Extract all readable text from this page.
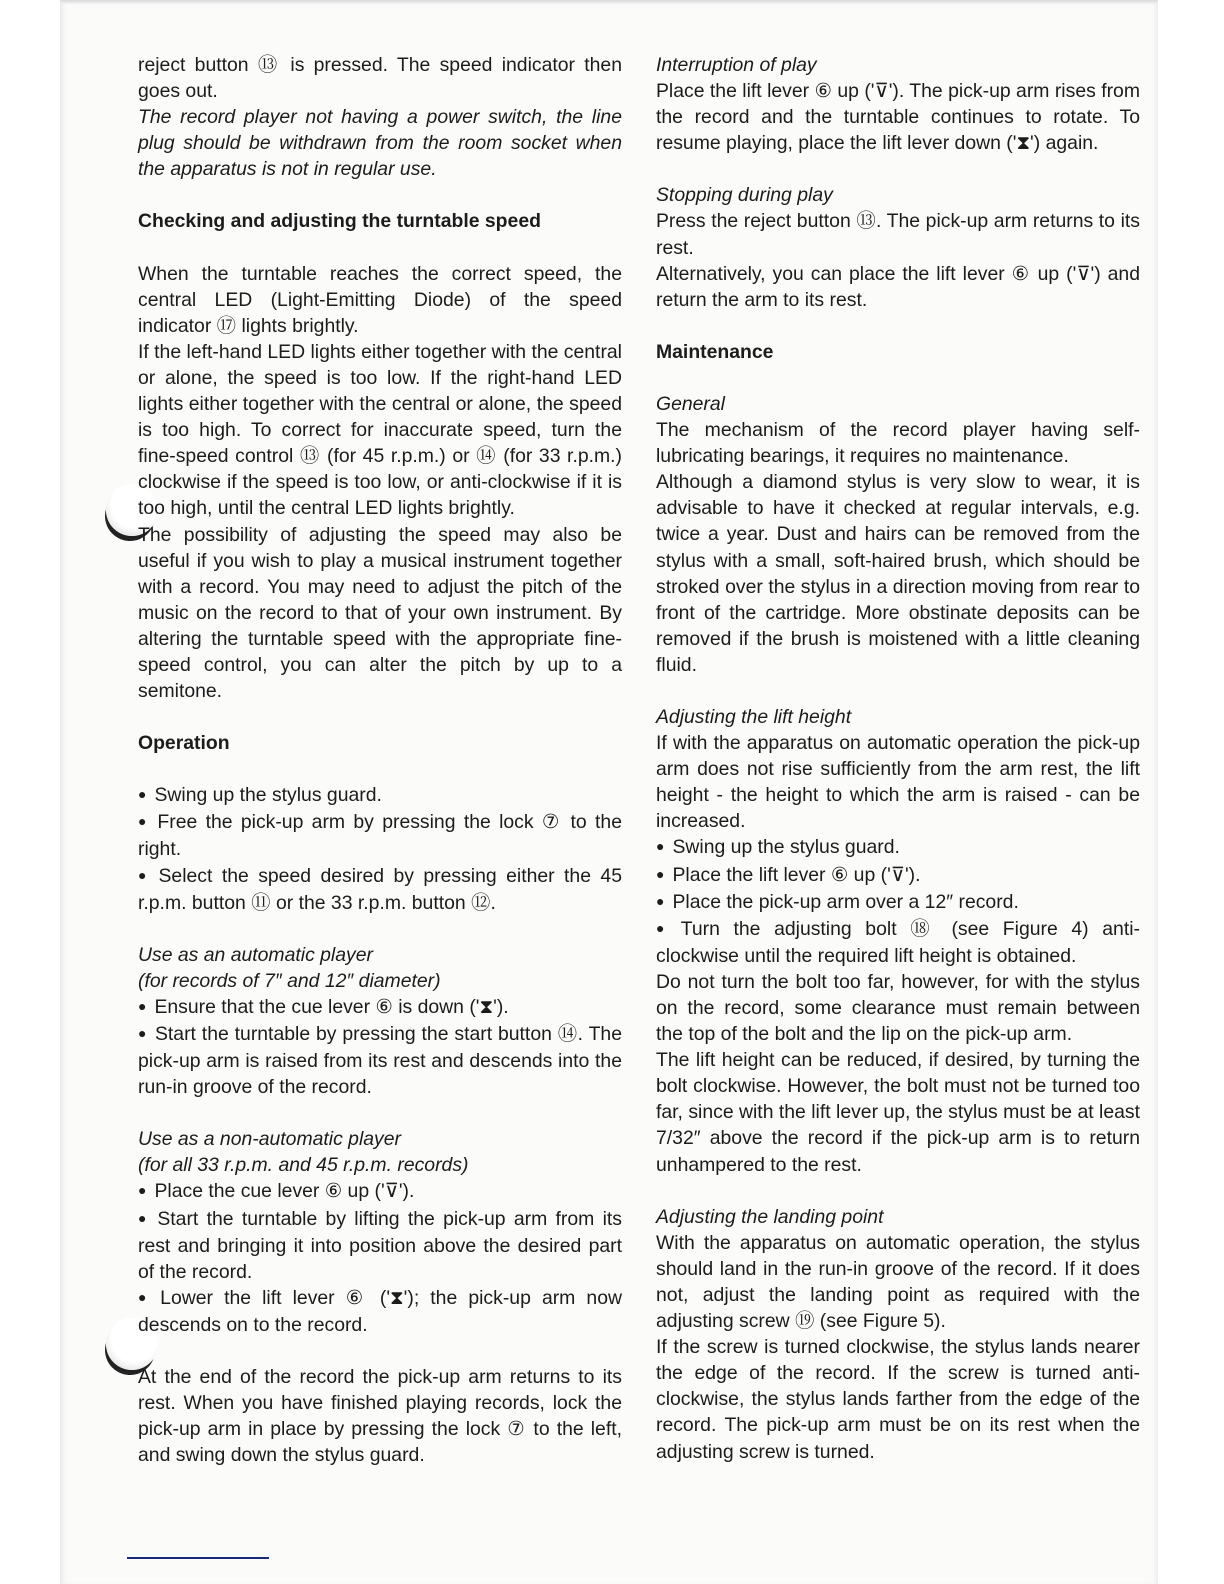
reject button ⑬ is pressed. The speed indicator then goes out.

The record player not having a power switch, the line plug should be withdrawn from the room socket when the apparatus is not in regular use.

Checking and adjusting the turntable speed

When the turntable reaches the correct speed, the central LED (Light-Emitting Diode) of the speed indicator ⑰ lights brightly.

If the left-hand LED lights either together with the central or alone, the speed is too low. If the right-hand LED lights either together with the central or alone, the speed is too high. To correct for inaccurate speed, turn the fine-speed control ⑬ (for 45 r.p.m.) or ⑭ (for 33 r.p.m.) clockwise if the speed is too low, or anti-clockwise if it is too high, until the central LED lights brightly.

The possibility of adjusting the speed may also be useful if you wish to play a musical instrument together with a record. You may need to adjust the pitch of the music on the record to that of your own instrument. By altering the turntable speed with the appropriate fine-speed control, you can alter the pitch by up to a semitone.

Operation

● Swing up the stylus guard.

● Free the pick-up arm by pressing the lock ⑦ to the right.

● Select the speed desired by pressing either the 45 r.p.m. button ⑪ or the 33 r.p.m. button ⑫.

Use as an automatic player

(for records of 7″ and 12″ diameter)

● Ensure that the cue lever ⑥ is down ('⧗').

● Start the turntable by pressing the start button ⑭. The pick-up arm is raised from its rest and descends into the run-in groove of the record.

Use as a non-automatic player

(for all 33 r.p.m. and 45 r.p.m. records)

● Place the cue lever ⑥ up ('⊽').

● Start the turntable by lifting the pick-up arm from its rest and bringing it into position above the desired part of the record.

● Lower the lift lever ⑥ ('⧗'); the pick-up arm now descends on to the record.

At the end of the record the pick-up arm returns to its rest. When you have finished playing records, lock the pick-up arm in place by pressing the lock ⑦ to the left, and swing down the stylus guard.

Interruption of play

Place the lift lever ⑥ up ('⊽'). The pick-up arm rises from the record and the turntable continues to rotate. To resume playing, place the lift lever down ('⧗') again.

Stopping during play

Press the reject button ⑬. The pick-up arm returns to its rest.

Alternatively, you can place the lift lever ⑥ up ('⊽') and return the arm to its rest.

Maintenance

General

The mechanism of the record player having self-lubricating bearings, it requires no maintenance.

Although a diamond stylus is very slow to wear, it is advisable to have it checked at regular intervals, e.g. twice a year. Dust and hairs can be removed from the stylus with a small, soft-haired brush, which should be stroked over the stylus in a direction moving from rear to front of the cartridge. More obstinate deposits can be removed if the brush is moistened with a little cleaning fluid.

Adjusting the lift height

If with the apparatus on automatic operation the pick-up arm does not rise sufficiently from the arm rest, the lift height - the height to which the arm is raised - can be increased.

● Swing up the stylus guard.

● Place the lift lever ⑥ up ('⊽').

● Place the pick-up arm over a 12″ record.

● Turn the adjusting bolt ⑱ (see Figure 4) anti-clockwise until the required lift height is obtained.

Do not turn the bolt too far, however, for with the stylus on the record, some clearance must remain between the top of the bolt and the lip on the pick-up arm.

The lift height can be reduced, if desired, by turning the bolt clockwise. However, the bolt must not be turned too far, since with the lift lever up, the stylus must be at least 7/32″ above the record if the pick-up arm is to return unhampered to the rest.

Adjusting the landing point

With the apparatus on automatic operation, the stylus should land in the run-in groove of the record. If it does not, adjust the landing point as required with the adjusting screw ⑲ (see Figure 5).

If the screw is turned clockwise, the stylus lands nearer the edge of the record. If the screw is turned anti-clockwise, the stylus lands farther from the edge of the record. The pick-up arm must be on its rest when the adjusting screw is turned.
